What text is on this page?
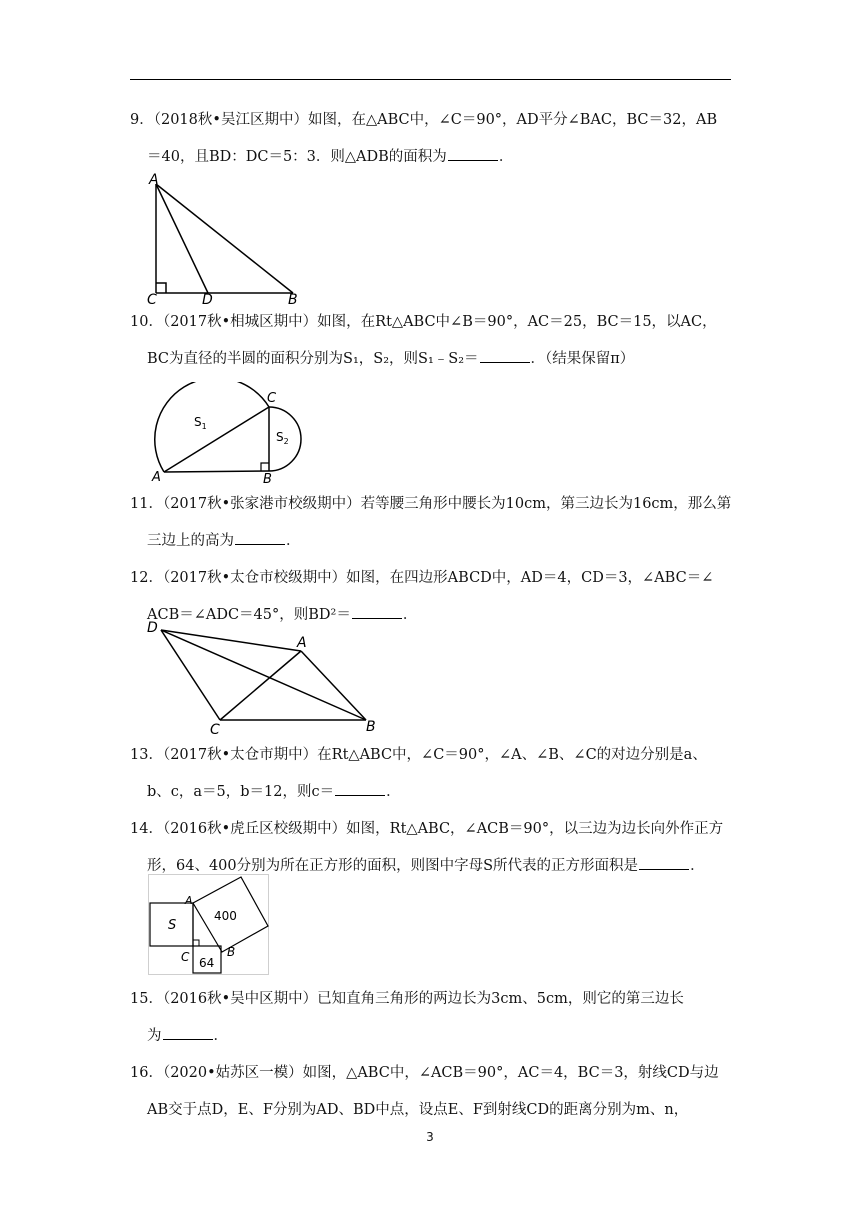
9．（2018秋•吴江区期中）如图，在△ABC中，∠C＝90°，AD平分∠BAC，BC＝32，AB
＝40，且BD：DC＝5：3．则△ADB的面积为	．
A
C	D	B
10．（2017秋•相城区期中）如图，在Rt△ABC中∠B＝90°，AC＝25，BC＝15，以AC，
BC为直径的半圆的面积分别为S₁，S₂，则S₁﹣S₂＝	．（结果保留π）
$S_1$
$S_2$
A	B
C
11．（2017秋•张家港市校级期中）若等腰三角形中腰长为10cm，第三边长为16cm，那么第
三边上的高为	．
12．（2017秋•太仓市校级期中）如图，在四边形ABCD中，AD＝4，CD＝3，∠ABC＝∠
ACB＝∠ADC＝45°，则BD²＝	．
D
A
C	B
13．（2017秋•太仓市期中）在Rt△ABC中，∠C＝90°，∠A、∠B、∠C的对边分别是a、
b、c，a＝5，b＝12，则c＝	．
14．（2016秋•虎丘区校级期中）如图，Rt△ABC，∠ACB＝90°，以三边为边长向外作正方
形，64、400分别为所在正方形的面积，则图中字母S所代表的正方形面积是	．
S
400
64
A
B
C
15．（2016秋•吴中区期中）已知直角三角形的两边长为3cm、5cm，则它的第三边长
为	．
16．（2020•姑苏区一模）如图，△ABC中，∠ACB＝90°，AC＝4，BC＝3，射线CD与边
AB交于点D，E、F分别为AD、BD中点，设点E、F到射线CD的距离分别为m、n，
3
